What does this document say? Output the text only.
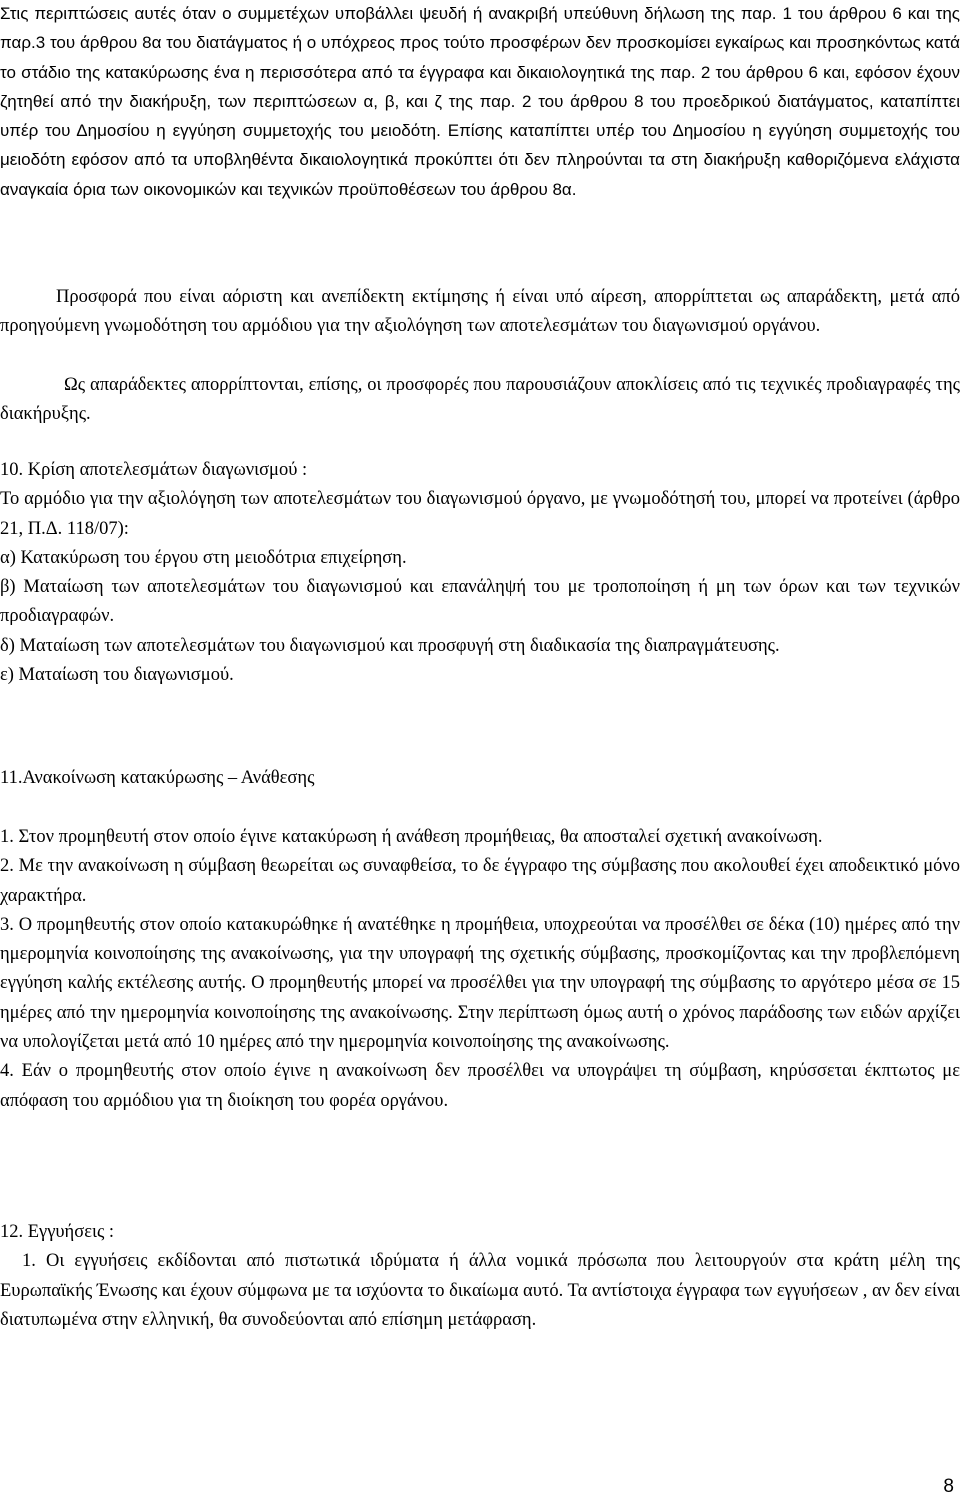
Στις περιπτώσεις αυτές όταν ο συμμετέχων υποβάλλει ψευδή ή ανακριβή υπεύθυνη δήλωση της παρ. 1 του άρθρου 6 και της παρ.3 του άρθρου 8α του διατάγματος ή ο υπόχρεος προς τούτο προσφέρων δεν προσκομίσει εγκαίρως και προσηκόντως κατά το στάδιο της κατακύρωσης ένα η περισσότερα από τα έγγραφα και δικαιολογητικά της παρ. 2 του άρθρου 6 και, εφόσον έχουν ζητηθεί από την διακήρυξη, των περιπτώσεων α, β, και ζ της παρ. 2 του άρθρου 8 του προεδρικού διατάγματος, καταπίπτει υπέρ του Δημοσίου η εγγύηση συμμετοχής του μειοδότη. Επίσης καταπίπτει υπέρ του Δημοσίου η εγγύηση συμμετοχής του μειοδότη εφόσον από τα υποβληθέντα δικαιολογητικά προκύπτει ότι δεν πληρούνται τα στη διακήρυξη καθοριζόμενα ελάχιστα αναγκαία όρια των οικονομικών και τεχνικών προϋποθέσεων του άρθρου 8α.

Προσφορά που είναι αόριστη και ανεπίδεκτη εκτίμησης ή είναι υπό αίρεση, απορρίπτεται ως απαράδεκτη, μετά από προηγούμενη γνωμοδότηση του αρμόδιου για την αξιολόγηση των αποτελεσμάτων του διαγωνισμού οργάνου.

Ως απαράδεκτες απορρίπτονται, επίσης, οι προσφορές που παρουσιάζουν αποκλίσεις από τις τεχνικές προδιαγραφές της διακήρυξης.

10. Κρίση αποτελεσμάτων διαγωνισμού :

Το αρμόδιο για την αξιολόγηση των αποτελεσμάτων του διαγωνισμού όργανο, με γνωμοδότησή του, μπορεί να προτείνει (άρθρο 21, Π.Δ. 118/07):

α) Κατακύρωση του έργου στη μειοδότρια επιχείρηση.

β) Ματαίωση των αποτελεσμάτων του διαγωνισμού και επανάληψή του με τροποποίηση ή μη των όρων και των τεχνικών προδιαγραφών.

δ) Ματαίωση των αποτελεσμάτων του διαγωνισμού και προσφυγή στη διαδικασία της διαπραγμάτευσης.

ε) Ματαίωση του διαγωνισμού.

11.Ανακοίνωση κατακύρωσης – Ανάθεσης

1. Στον προμηθευτή στον οποίο έγινε κατακύρωση ή ανάθεση προμήθειας, θα αποσταλεί σχετική ανακοίνωση.

2. Με την ανακοίνωση η σύμβαση θεωρείται ως συναφθείσα, το δε έγγραφο της σύμβασης που ακολουθεί έχει αποδεικτικό μόνο χαρακτήρα.

3. Ο προμηθευτής στον οποίο κατακυρώθηκε ή ανατέθηκε η προμήθεια, υποχρεούται να προσέλθει σε δέκα (10) ημέρες από την ημερομηνία κοινοποίησης της ανακοίνωσης, για την υπογραφή της σχετικής σύμβασης, προσκομίζοντας και την προβλεπόμενη εγγύηση καλής εκτέλεσης αυτής. Ο προμηθευτής μπορεί να προσέλθει για την υπογραφή της σύμβασης το αργότερο μέσα σε 15 ημέρες από την ημερομηνία κοινοποίησης της ανακοίνωσης. Στην περίπτωση όμως αυτή ο χρόνος παράδοσης των ειδών αρχίζει να υπολογίζεται μετά από 10 ημέρες από την ημερομηνία κοινοποίησης της ανακοίνωσης.

4. Εάν ο προμηθευτής στον οποίο έγινε η ανακοίνωση δεν προσέλθει να υπογράψει τη σύμβαση, κηρύσσεται έκπτωτος με απόφαση του αρμόδιου για τη διοίκηση του φορέα οργάνου.

12. Εγγυήσεις :

1. Οι εγγυήσεις εκδίδονται από πιστωτικά ιδρύματα ή άλλα νομικά πρόσωπα που λειτουργούν στα κράτη μέλη της Ευρωπαϊκής Ένωσης και έχουν σύμφωνα με τα ισχύοντα το δικαίωμα αυτό. Τα αντίστοιχα έγγραφα των εγγυήσεων , αν δεν είναι διατυπωμένα στην ελληνική, θα συνοδεύονται από επίσημη μετάφραση.

8
